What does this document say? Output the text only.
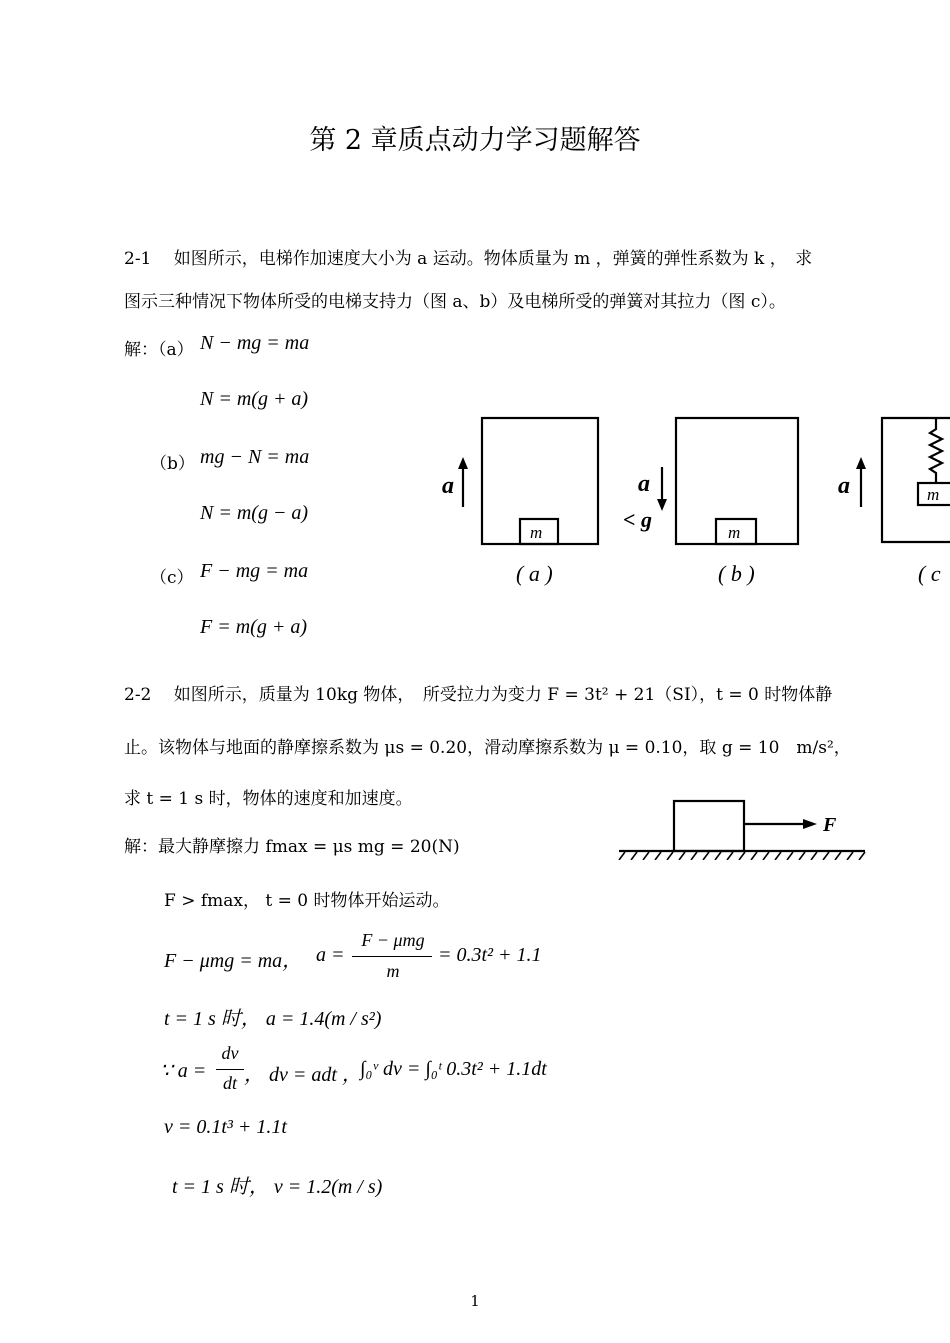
第 2 章质点动力学习题解答
2-1　 如图所示，电梯作加速度大小为 a 运动。物体质量为 m ，弹簧的弹性系数为 k ，　求
图示三种情况下物体所受的电梯支持力（图 a、b）及电梯所受的弹簧对其拉力（图 c）。
解：（a） N − mg = ma
N = m(g + a)
（b） mg − N = ma
N = m(g − a)
（c） F − mg = ma
F = m(g + a)
a	a	a
< g
m	m
m
( a )	( b )	( c
2-2　 如图所示，质量为 10kg 物体，　所受拉力为变力 F = 3t² + 21（SI），t = 0 时物体静
止。该物体与地面的静摩擦系数为 μs = 0.20，滑动摩擦系数为 μ = 0.10，取 g = 10　m/s²，
求 t = 1 s 时，物体的速度和加速度。
解：最大静摩擦力 fmax = μs mg = 20(N)
F > fmax， t = 0 时物体开始运动。
F − μmg = ma， a =
F − μmg
m
= 0.3t² + 1.1
t = 1 s 时， a = 1.4(m / s²)
∵ a =
dv
dt ， dv = adt ，
∫₀ᵛ dv = ∫₀ᵗ 0.3t² + 1.1dt
v = 0.1t³ + 1.1t
t = 1 s 时， v = 1.2(m / s)
F
1
